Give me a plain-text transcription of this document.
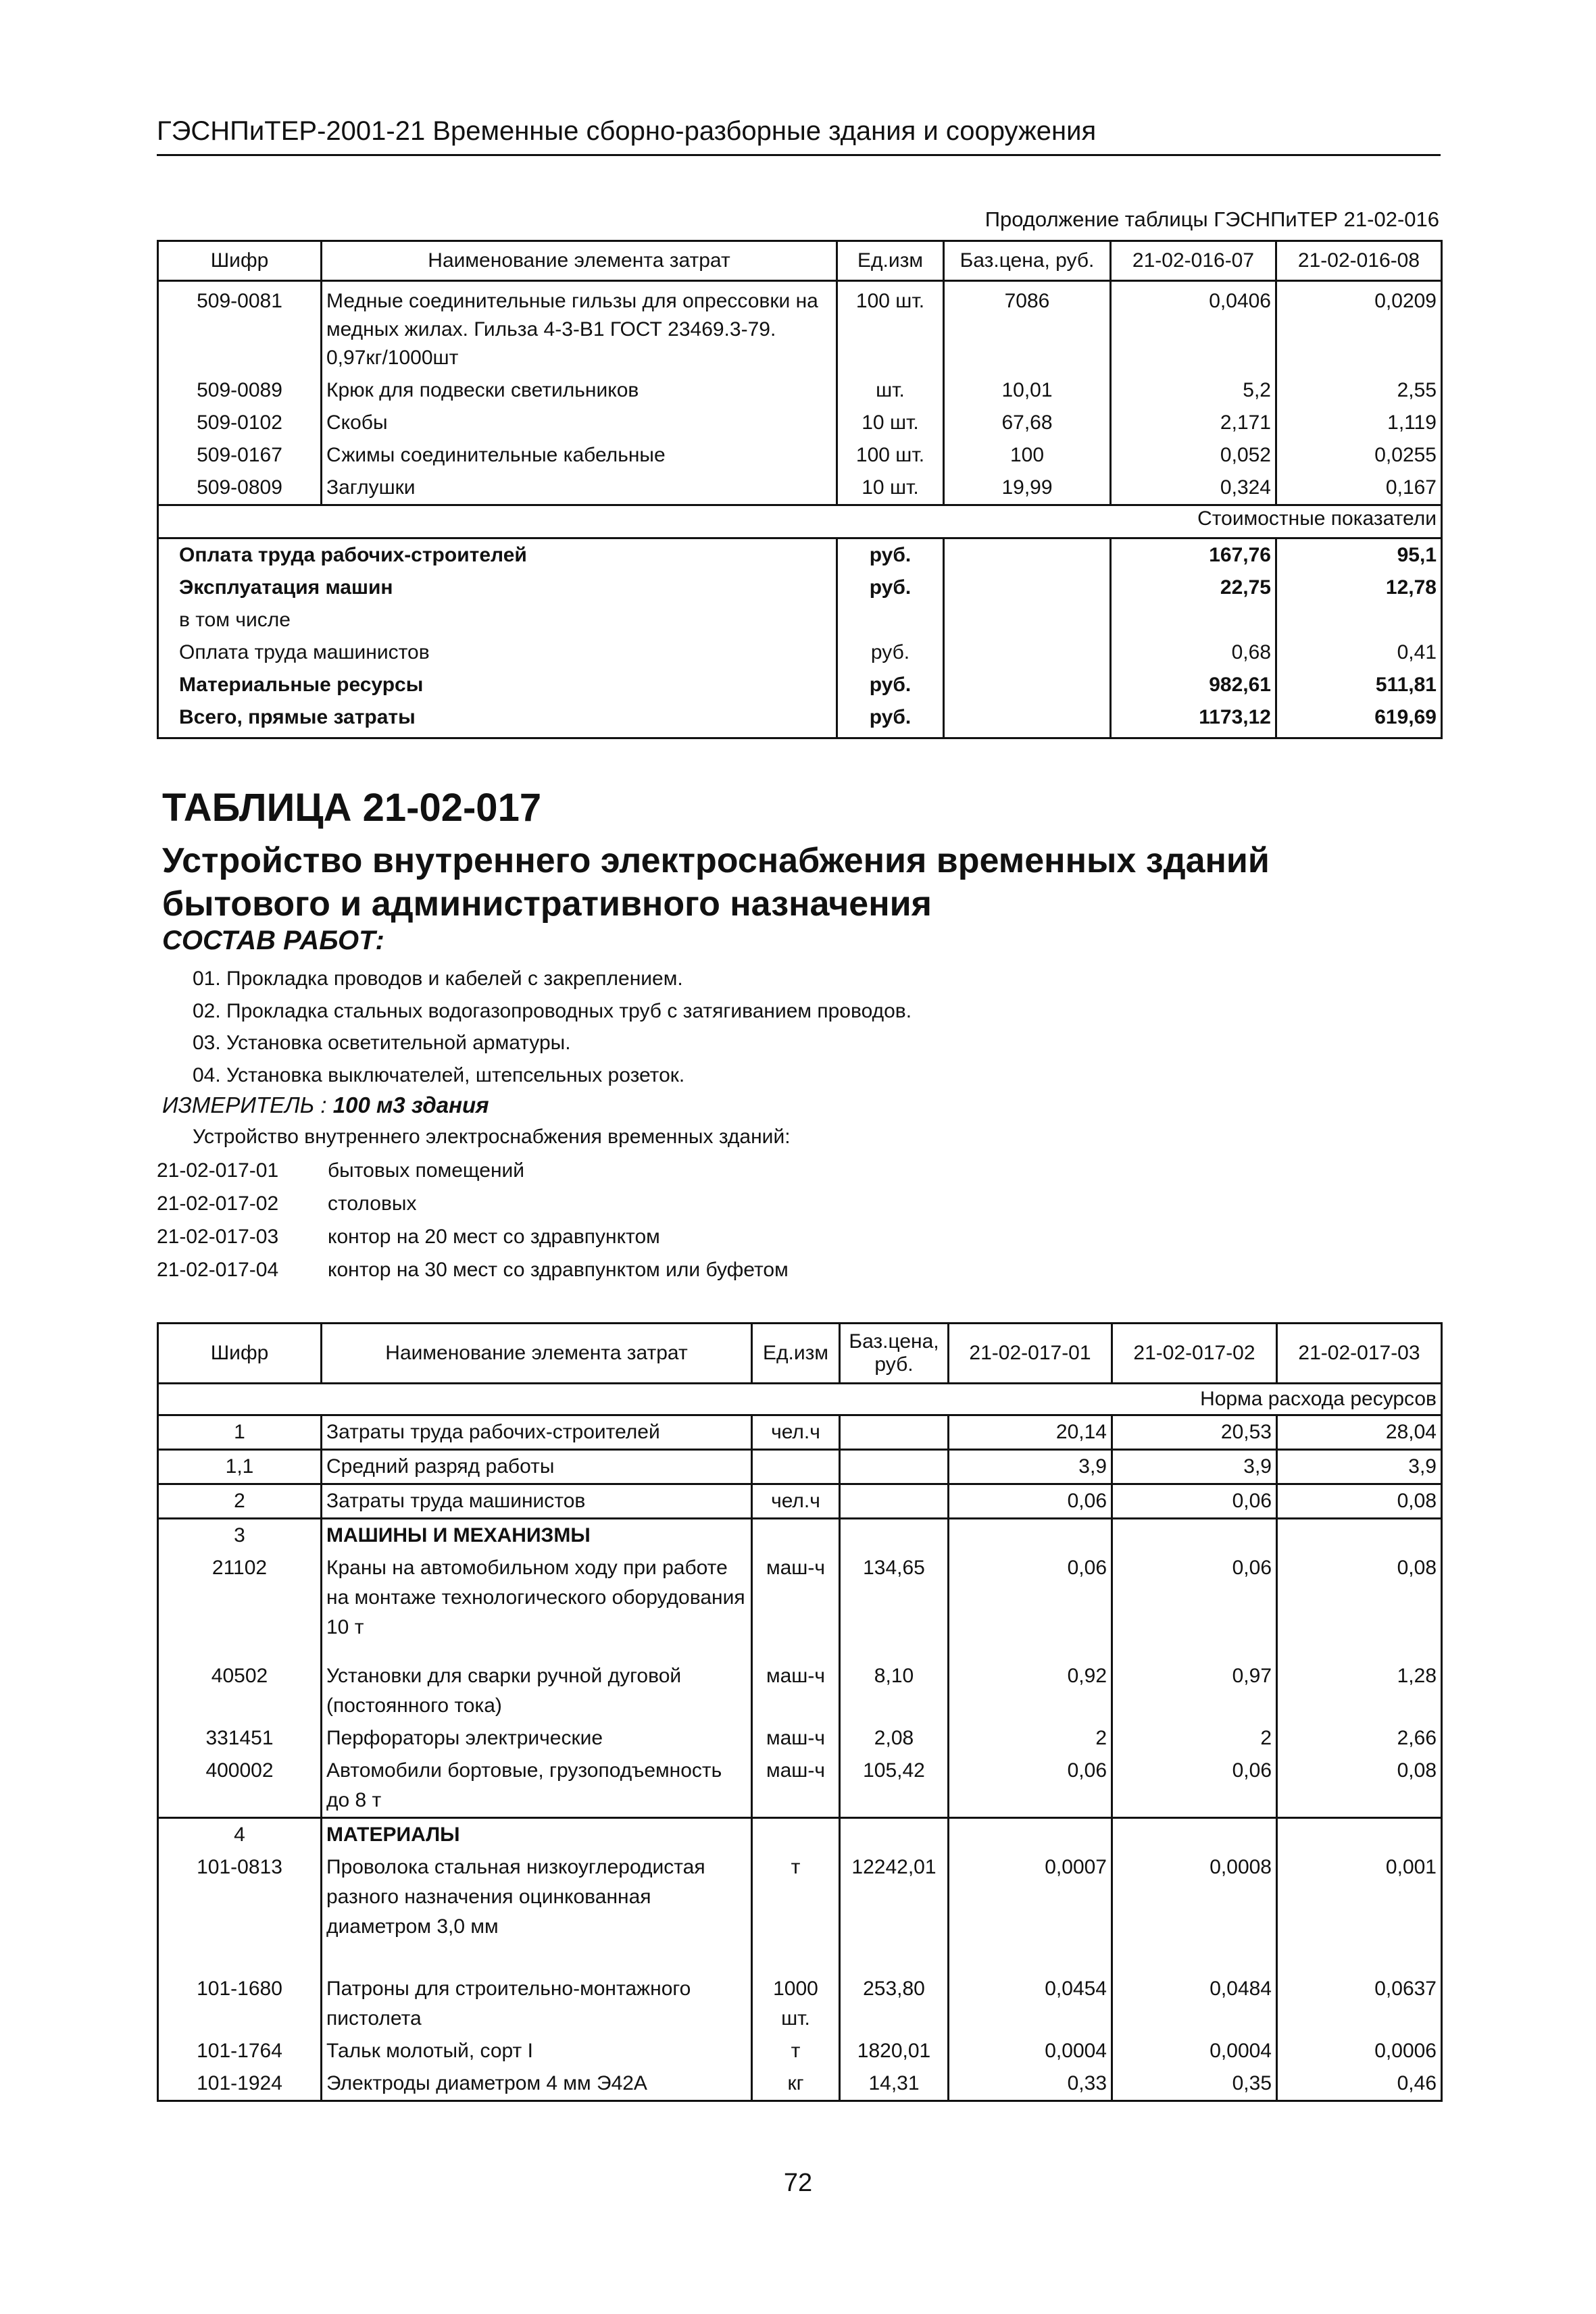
ГЭСНПиТЕР-2001-21 Временные сборно-разборные здания и сооружения
Продолжение таблицы ГЭСНПиТЕР 21-02-016
Шифр	Наименование элемента затрат	Ед.изм	Баз.цена, руб.	21-02-016-07	21-02-016-08
509-0081	Медные соединительные гильзы для опрессовки на медных жилах. Гильза 4-3-В1 ГОСТ 23469.3-79. 0,97кг/1000шт	100 шт.	7086	0,0406	0,0209
509-0089	Крюк для подвески светильников	шт.	10,01	5,2	2,55
509-0102	Скобы	10 шт.	67,68	2,171	1,119
509-0167	Сжимы соединительные кабельные	100 шт.	100	0,052	0,0255
509-0809	Заглушки	10 шт.	19,99	0,324	0,167
Стоимостные показатели					
Оплата труда рабочих-строителей		руб.		167,76	95,1
Эксплуатация машин		руб.		22,75	12,78
в том числе					
Оплата труда машинистов		руб.		0,68	0,41
Материальные ресурсы		руб.		982,61	511,81
Всего, прямые затраты		руб.		1173,12	619,69
ТАБЛИЦА 21-02-017
Устройство внутреннего электроснабжения временных зданий бытового и административного назначения
СОСТАВ РАБОТ:
01. Прокладка проводов и кабелей с закреплением.
02. Прокладка стальных водогазопроводных труб с затягиванием проводов.
03. Установка осветительной арматуры.
04. Установка выключателей, штепсельных розеток.
ИЗМЕРИТЕЛЬ : 100 м3 здания
Устройство внутреннего электроснабжения временных зданий:
21-02-017-01 бытовых помещений
21-02-017-02 столовых
21-02-017-03 контор на 20 мест со здравпунктом
21-02-017-04 контор на 30 мест со здравпунктом или буфетом
Шифр	Наименование элемента затрат	Ед.изм	Баз.цена, руб.	21-02-017-01	21-02-017-02	21-02-017-03
Норма расхода ресурсов						
1	Затраты труда рабочих-строителей	чел.ч		20,14	20,53	28,04
1,1	Средний разряд работы			3,9	3,9	3,9
2	Затраты труда машинистов	чел.ч		0,06	0,06	0,08
3	МАШИНЫ И МЕХАНИЗМЫ					
21102	Краны на автомобильном ходу при работе на монтаже технологического оборудования 10 т	маш-ч	134,65	0,06	0,06	0,08
40502	Установки для сварки ручной дуговой (постоянного тока)	маш-ч	8,10	0,92	0,97	1,28
331451	Перфораторы электрические	маш-ч	2,08	2	2	2,66
400002	Автомобили бортовые, грузоподъемность до 8 т	маш-ч	105,42	0,06	0,06	0,08
4	МАТЕРИАЛЫ					
101-0813	Проволока стальная низкоуглеродистая разного назначения оцинкованная диаметром 3,0 мм	т	12242,01	0,0007	0,0008	0,001
101-1680	Патроны для строительно-монтажного пистолета	1000 шт.	253,80	0,0454	0,0484	0,0637
101-1764	Тальк молотый, сорт I	т	1820,01	0,0004	0,0004	0,0006
101-1924	Электроды диаметром 4 мм Э42А	кг	14,31	0,33	0,35	0,46
72
